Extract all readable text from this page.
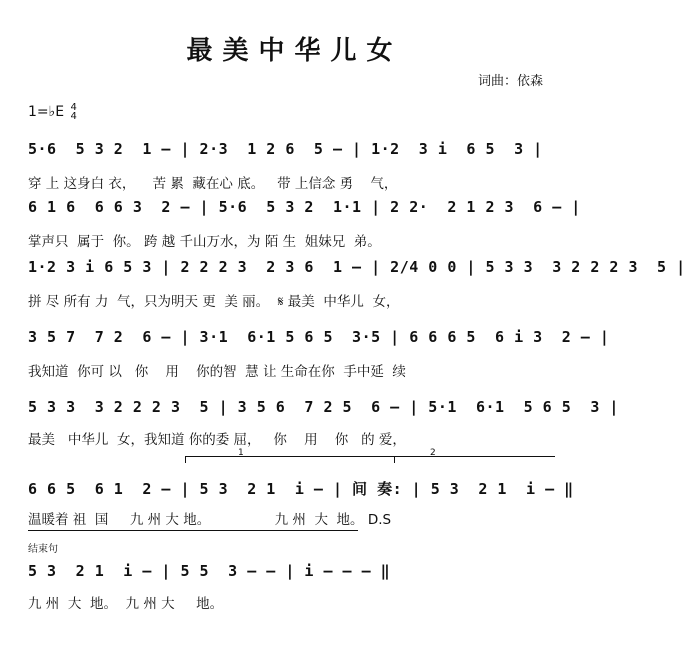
最美中华儿女
词曲：依森
1=♭E 4
4
5·6  5 3 2  1 – | 2·3  1 2 6  5 – | 1·2  3 i  6 5  3 |
穿 上 这身白 衣，    苦 累  藏在心 底。   带 上信念 勇    气，
6 1 6  6 6 3  2 – | 5·6  5 3 2  1·1 | 2 2·  2 1 2 3  6 – |
掌声只  属于  你。 跨 越 千山万水，为 陌 生  姐妹兄  弟。
1·2 3 i 6 5 3 | 2 2 2 3  2 3 6  1 – | 2/4 0 0 | 5 3 3  3 2 2 2 3  5 |
拼 尽 所有 力  气，只为明天 更  美 丽。  𝄋 最美  中华儿  女，
3 5 7  7 2  6 – | 3·1  6·1 5 6 5  3·5 | 6 6 6 5  6 i 3  2 – |
我知道  你可 以   你    用    你的智  慧 让 生命在你  手中延  续
5 3 3  3 2 2 2 3  5 | 3 5 6  7 2 5  6 – | 5·1  6·1  5 6 5  3 |
最美   中华儿  女，我知道 你的委 屈，   你    用    你   的 爱，
1	2
6 6 5  6 1  2 – | 5 3  2 1  i – | 间 奏: | 5 3  2 1  i – ‖
温暖着 祖  国     九 州 大 地。               九 州  大  地。 D.S
结束句
5 3  2 1  i – | 5 5  3 – – | i – – – ‖
九 州  大  地。  九 州 大     地。
